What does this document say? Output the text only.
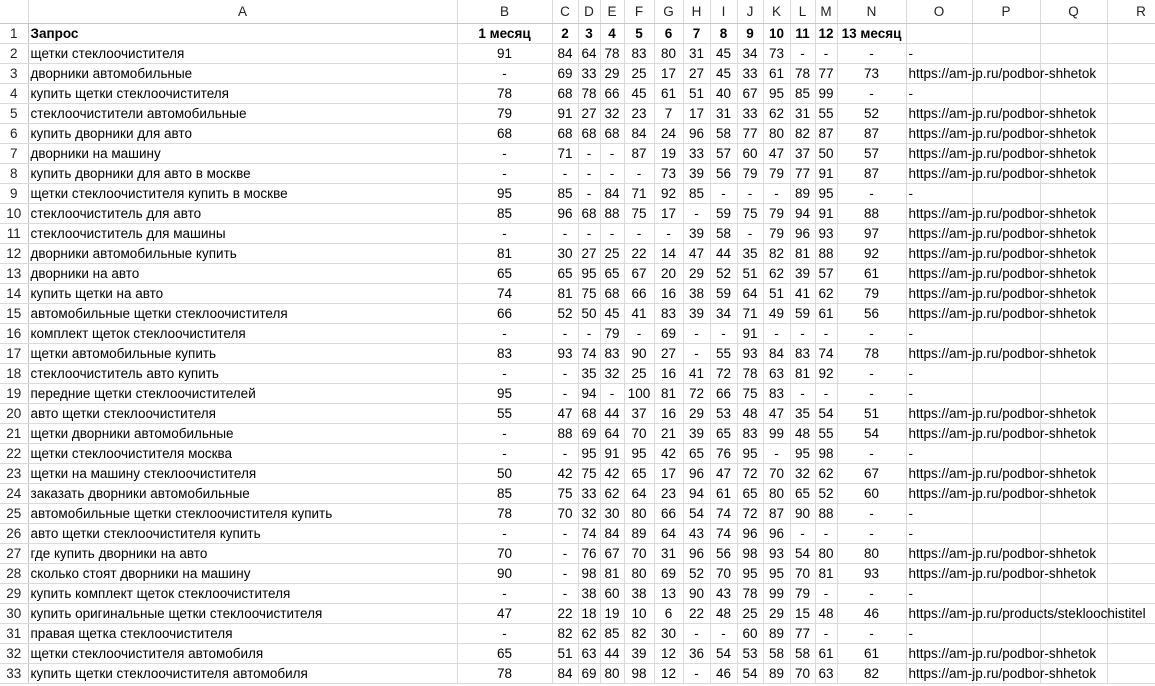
	A	B	C	D	E	F	G	H	I	J	K	L	M	N	O	P	Q	R
1	Запрос	1 месяц	2	3	4	5	6	7	8	9	10	11	12	13 месяц				
2	щетки стеклоочистителя	91	84	64	78	83	80	31	45	34	73	-	-	-	-			

3	дворники автомобильные	-	69	33	29	25	17	27	45	33	61	78	77	73	https://am-jp.ru/podbor-shhetok			

4	купить щетки стеклоочистителя	78	68	78	66	45	61	51	40	67	95	85	99	-	-			

5	стеклоочистители автомобильные	79	91	27	32	23	7	17	31	33	62	31	55	52	https://am-jp.ru/podbor-shhetok			

6	купить дворники для авто	68	68	68	68	84	24	96	58	77	80	82	87	87	https://am-jp.ru/podbor-shhetok			

7	дворники на машину	-	71	-	-	87	19	33	57	60	47	37	50	57	https://am-jp.ru/podbor-shhetok			

8	купить дворники для авто в москве	-	-	-	-	-	73	39	56	79	79	77	91	87	https://am-jp.ru/podbor-shhetok			

9	щетки стеклоочистителя купить в москве	95	85	-	84	71	92	85	-	-	-	89	95	-	-			

10	стеклоочиститель для авто	85	96	68	88	75	17	-	59	75	79	94	91	88	https://am-jp.ru/podbor-shhetok			

11	стеклоочиститель для машины	-	-	-	-	-	-	39	58	-	79	96	93	97	https://am-jp.ru/podbor-shhetok			

12	дворники автомобильные купить	81	30	27	25	22	14	47	44	35	82	81	88	92	https://am-jp.ru/podbor-shhetok			

13	дворники на авто	65	65	95	65	67	20	29	52	51	62	39	57	61	https://am-jp.ru/podbor-shhetok			

14	купить щетки на авто	74	81	75	68	66	16	38	59	64	51	41	62	79	https://am-jp.ru/podbor-shhetok			

15	автомобильные щетки стеклоочистителя	66	52	50	45	41	83	39	34	71	49	59	61	56	https://am-jp.ru/podbor-shhetok			

16	комплект щеток стеклоочистителя	-	-	-	79	-	69	-	-	91	-	-	-	-	-			

17	щетки автомобильные купить	83	93	74	83	90	27	-	55	93	84	83	74	78	https://am-jp.ru/podbor-shhetok			

18	стеклоочиститель авто купить	-	-	35	32	25	16	41	72	78	63	81	92	-	-			

19	передние щетки стеклоочистителей	95	-	94	-	100	81	72	66	75	83	-	-	-	-			

20	авто щетки стеклоочистителя	55	47	68	44	37	16	29	53	48	47	35	54	51	https://am-jp.ru/podbor-shhetok			

21	щетки дворники автомобильные	-	88	69	64	70	21	39	65	83	99	48	55	54	https://am-jp.ru/podbor-shhetok			

22	щетки стеклоочистителя москва	-	-	95	91	95	42	65	76	95	-	95	98	-	-			

23	щетки на машину стеклоочистителя	50	42	75	42	65	17	96	47	72	70	32	62	67	https://am-jp.ru/podbor-shhetok			

24	заказать дворники автомобильные	85	75	33	62	64	23	94	61	65	80	65	52	60	https://am-jp.ru/podbor-shhetok			

25	автомобильные щетки стеклоочистителя купить	78	70	32	30	80	66	54	74	72	87	90	88	-	-			

26	авто щетки стеклоочистителя купить	-	-	74	84	89	64	43	74	96	96	-	-	-	-			

27	где купить дворники на авто	70	-	76	67	70	31	96	56	98	93	54	80	80	https://am-jp.ru/podbor-shhetok			

28	сколько стоят дворники на машину	90	-	98	81	80	69	52	70	95	95	70	81	93	https://am-jp.ru/podbor-shhetok			

29	купить комплект щеток стеклоочистителя	-	-	38	60	38	13	90	43	78	99	79	-	-	-			

30	купить оригинальные щетки стеклоочистителя	47	22	18	19	10	6	22	48	25	29	15	48	46	https://am-jp.ru/products/stekloochistitel			

31	правая щетка стеклоочистителя	-	82	62	85	82	30	-	-	60	89	77	-	-	-			

32	щетки стеклоочистителя автомобиля	65	51	63	44	39	12	36	54	53	58	58	61	61	https://am-jp.ru/podbor-shhetok			

33	купить щетки стеклоочистителя автомобиля	78	84	69	80	98	12	-	46	54	89	70	63	82	https://am-jp.ru/podbor-shhetok			
